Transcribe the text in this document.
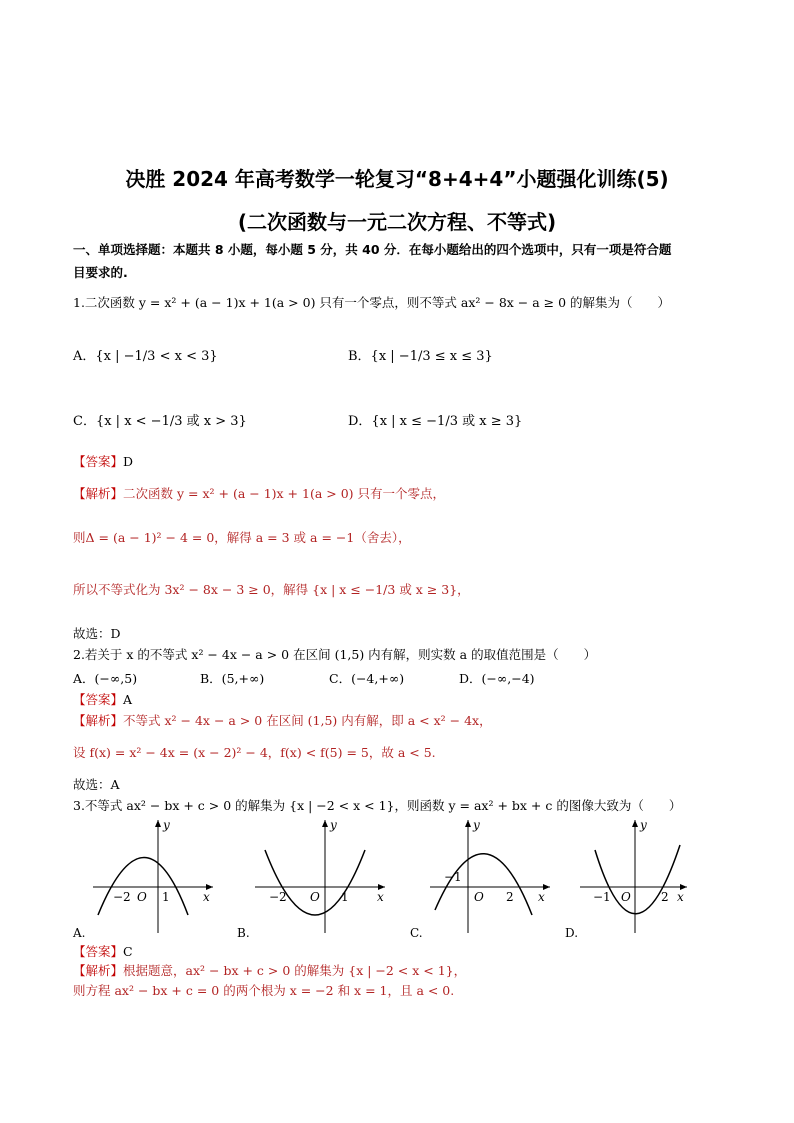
决胜 2024 年高考数学一轮复习“8+4+4”小题强化训练(5)
(二次函数与一元二次方程、不等式)
一、单项选择题：本题共 8 小题，每小题 5 分，共 40 分．在每小题给出的四个选项中，只有一项是符合题
目要求的.
1.二次函数 y = x² + (a − 1)x + 1(a > 0) 只有一个零点，则不等式 ax² − 8x − a ≥ 0 的解集为（　　）
A．{x | −1/3 < x < 3}	B．{x | −1/3 ≤ x ≤ 3}
C．{x | x < −1/3 或 x > 3}	D．{x | x ≤ −1/3 或 x ≥ 3}
【答案】D
【解析】二次函数 y = x² + (a − 1)x + 1(a > 0) 只有一个零点，
则Δ = (a − 1)² − 4 = 0，解得 a = 3 或 a = −1（舍去），
所以不等式化为 3x² − 8x − 3 ≥ 0，解得 {x | x ≤ −1/3 或 x ≥ 3}，
故选：D
2.若关于 x 的不等式 x² − 4x − a > 0 在区间 (1,5) 内有解，则实数 a 的取值范围是（　　）
A．(−∞,5)	B．(5,+∞)	C．(−4,+∞)	D．(−∞,−4)
【答案】A
【解析】不等式 x² − 4x − a > 0 在区间 (1,5) 内有解，即 a < x² − 4x，
设 f(x) = x² − 4x = (x − 2)² − 4，f(x) < f(5) = 5，故 a < 5.
故选：A
3.不等式 ax² − bx + c > 0 的解集为 {x | −2 < x < 1}，则函数 y = ax² + bx + c 的图像大致为（　　）
y
x
−2 O 1
A.
y
x
−2 O 1
B.
y
x
−1
O 2
C.
y
x
−1 O	2
D.
【答案】C
【解析】根据题意，ax² − bx + c > 0 的解集为 {x | −2 < x < 1}，
则方程 ax² − bx + c = 0 的两个根为 x = −2 和 x = 1，且 a < 0.
